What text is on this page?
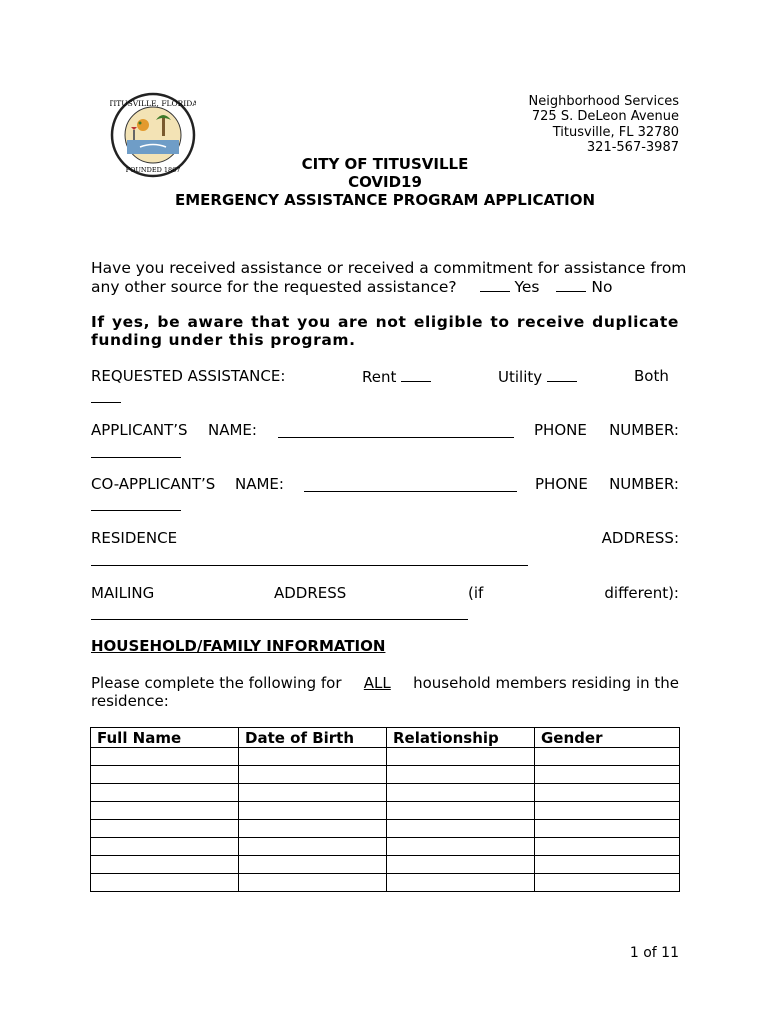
TITUSVILLE, FLORIDA
FOUNDED 1867
Neighborhood Services
725 S. DeLeon Avenue
Titusville, FL 32780
321-567-3987
CITY OF TITUSVILLE
COVID19
EMERGENCY ASSISTANCE PROGRAM APPLICATION
Have you received assistance or received a commitment for assistance from
any other source for the requested assistance?	Yes	No
If yes, be aware that you are not eligible to receive duplicate
funding under this program.
REQUESTED ASSISTANCE:	Rent	Utility	Both
APPLICANT’S NAME:	PHONE NUMBER:
CO-APPLICANT’S NAME:	PHONE NUMBER:
RESIDENCE	ADDRESS:
MAILING	ADDRESS	(if	different):
HOUSEHOLD/FAMILY INFORMATION
Please complete the following for ALL household members residing in the
residence:
Full Name	Date of Birth	Relationship	Gender

1 of 11
